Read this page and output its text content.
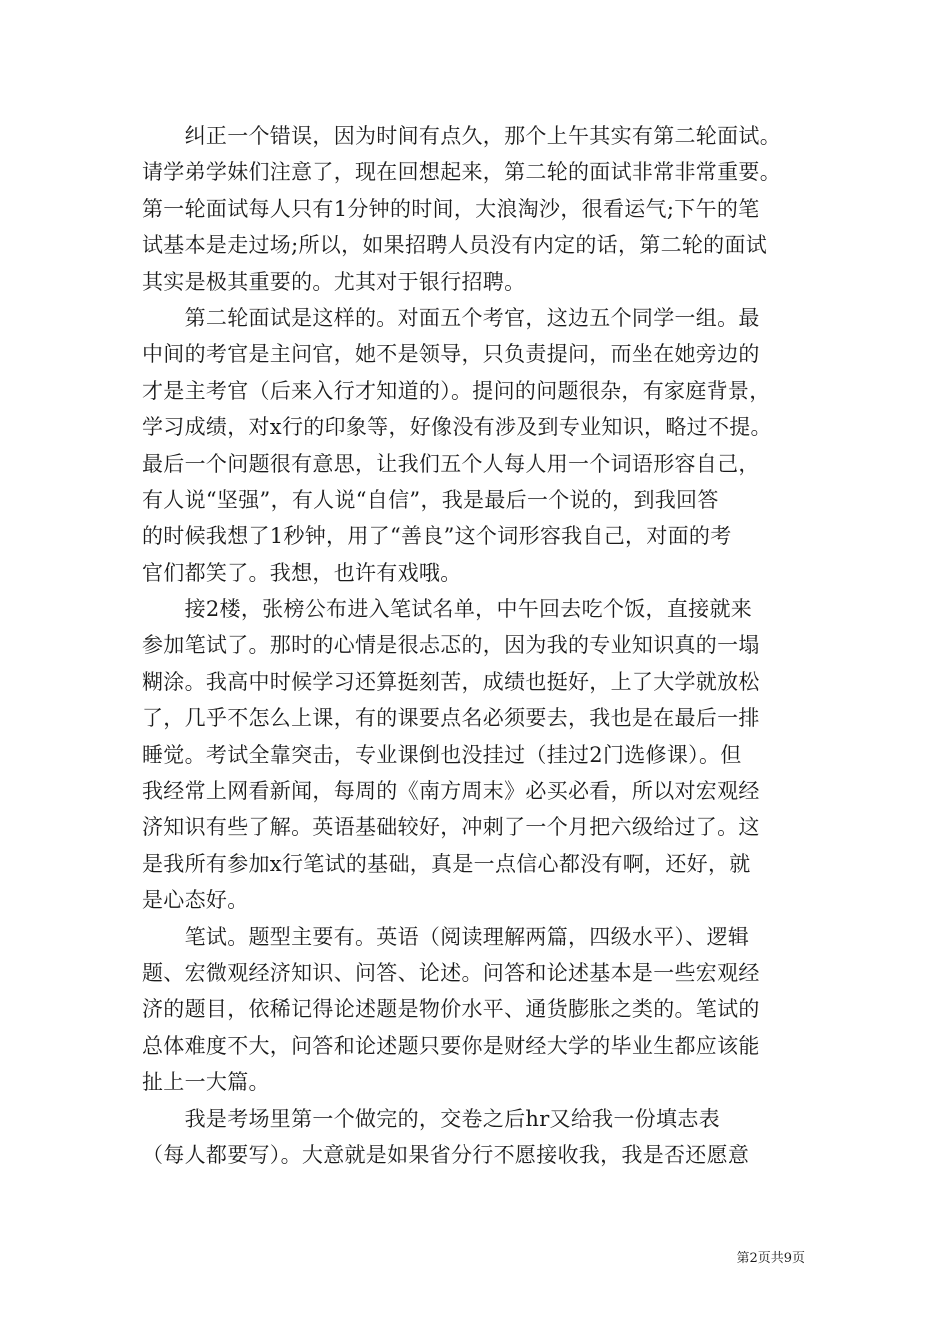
　　纠正一个错误，因为时间有点久，那个上午其实有第二轮面试。
请学弟学妹们注意了，现在回想起来，第二轮的面试非常非常重要。
第一轮面试每人只有1分钟的时间，大浪淘沙，很看运气;下午的笔
试基本是走过场;所以，如果招聘人员没有内定的话，第二轮的面试
其实是极其重要的。尤其对于银行招聘。
　　第二轮面试是这样的。对面五个考官，这边五个同学一组。最
中间的考官是主问官，她不是领导，只负责提问，而坐在她旁边的
才是主考官（后来入行才知道的）。提问的问题很杂，有家庭背景，
学习成绩，对x行的印象等，好像没有涉及到专业知识，略过不提。
最后一个问题很有意思，让我们五个人每人用一个词语形容自己，
有人说“坚强”，有人说“自信”，我是最后一个说的，到我回答
的时候我想了1秒钟，用了“善良”这个词形容我自己，对面的考
官们都笑了。我想，也许有戏哦。
　　接2楼，张榜公布进入笔试名单，中午回去吃个饭，直接就来
参加笔试了。那时的心情是很忐忑的，因为我的专业知识真的一塌
糊涂。我高中时候学习还算挺刻苦，成绩也挺好，上了大学就放松
了，几乎不怎么上课，有的课要点名必须要去，我也是在最后一排
睡觉。考试全靠突击，专业课倒也没挂过（挂过2门选修课）。但
我经常上网看新闻，每周的《南方周末》必买必看，所以对宏观经
济知识有些了解。英语基础较好，冲刺了一个月把六级给过了。这
是我所有参加x行笔试的基础，真是一点信心都没有啊，还好，就
是心态好。
　　笔试。题型主要有。英语（阅读理解两篇，四级水平）、逻辑
题、宏微观经济知识、问答、论述。问答和论述基本是一些宏观经
济的题目，依稀记得论述题是物价水平、通货膨胀之类的。笔试的
总体难度不大，问答和论述题只要你是财经大学的毕业生都应该能
扯上一大篇。
　　我是考场里第一个做完的，交卷之后hr又给我一份填志表
（每人都要写）。大意就是如果省分行不愿接收我，我是否还愿意
第2页共9页
